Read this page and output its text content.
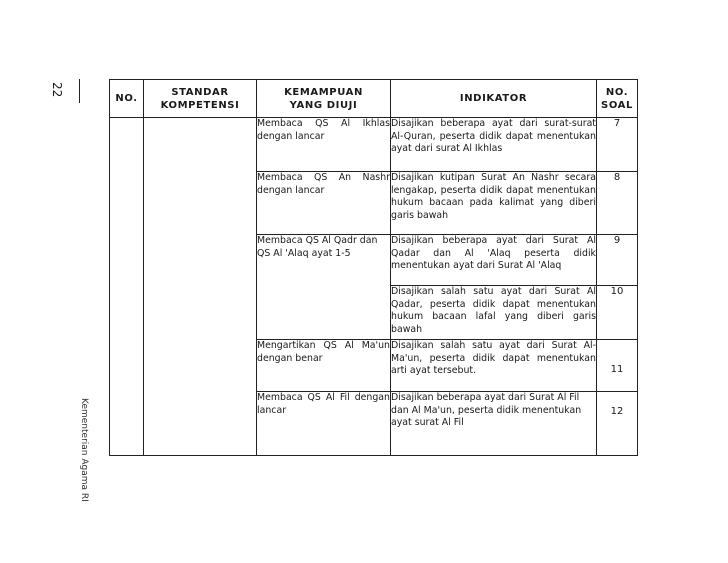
22
Kementerian Agama RI
NO.	STANDAR KOMPETENSI	KEMAMPUAN YANG DIUJI	INDIKATOR	NO. SOAL
		Membaca QS Al Ikhlas dengan lancar	Disajikan beberapa ayat dari surat-surat Al-Quran, peserta didik dapat menentukan ayat dari surat Al Ikhlas	7
		Membaca QS An Nashr dengan lancar	Disajikan kutipan Surat An Nashr secara lengakap, peserta didik dapat menentukan hukum bacaan pada kalimat yang diberi garis bawah	8
		Membaca QS Al Qadr dan QS Al 'Alaq ayat 1-5	Disajikan beberapa ayat dari Surat Al Qadar dan Al 'Alaq peserta didik menentukan ayat dari Surat Al 'Alaq	9
			Disajikan salah satu ayat dari Surat Al Qadar, peserta didik dapat menentukan hukum bacaan lafal yang diberi garis bawah	10
		Mengartikan QS Al Ma'un dengan benar	Disajikan salah satu ayat dari Surat Al-Ma'un, peserta didik dapat menentukan arti ayat tersebut.	11
		Membaca QS Al Fil dengan lancar	Disajikan beberapa ayat dari Surat Al Fil dan Al Ma'un, peserta didik menentukan ayat surat Al Fil	12
